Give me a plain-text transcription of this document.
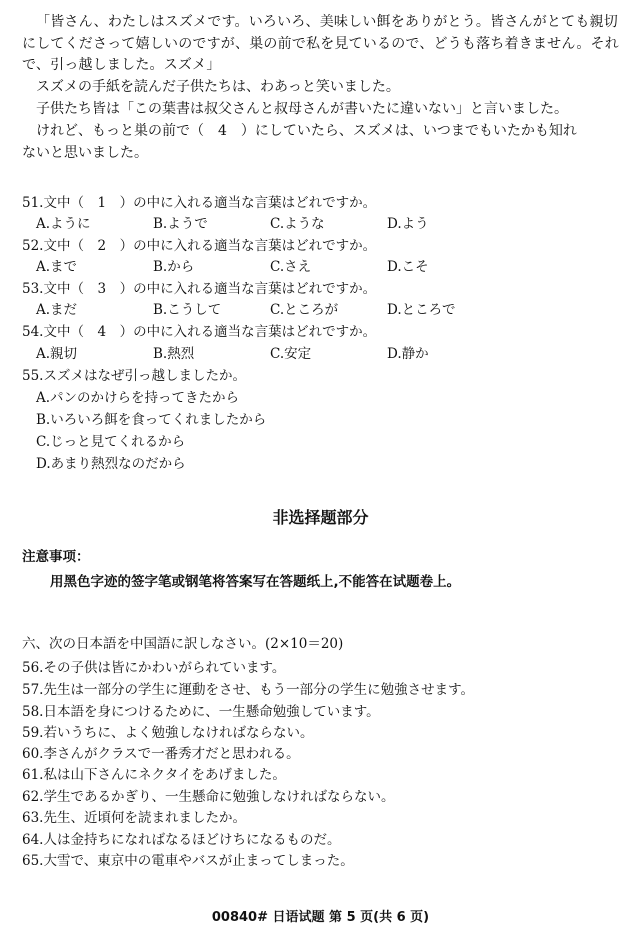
「皆さん、わたしはスズメです。いろいろ、美味しい餌をありがとう。皆さんがとても親切にしてくださって嬉しいのですが、巣の前で私を見ているので、どうも落ち着きません。それで、引っ越しました。スズメ」
スズメの手紙を読んだ子供たちは、わあっと笑いました。
子供たち皆は「この葉書は叔父さんと叔母さんが書いたに違いない」と言いました。
けれど、もっと巣の前で（　4　）にしていたら、スズメは、いつまでもいたかも知れ
ないと思いました。
51.文中（　1　）の中に入れる適当な言葉はどれですか。
A.ように	B.ようで	C.ような	D.よう
52.文中（　2　）の中に入れる適当な言葉はどれですか。
A.まで	B.から	C.さえ	D.こそ
53.文中（　3　）の中に入れる適当な言葉はどれですか。
A.まだ	B.こうして	C.ところが	D.ところで
54.文中（　4　）の中に入れる適当な言葉はどれですか。
A.親切	B.熱烈	C.安定	D.静か
55.スズメはなぜ引っ越しましたか。
A.パンのかけらを持ってきたから
B.いろいろ餌を食ってくれましたから
C.じっと見てくれるから
D.あまり熱烈なのだから
非选择题部分
注意事项：
用黑色字迹的签字笔或钢笔将答案写在答题纸上,不能答在试题卷上。
六、次の日本語を中国語に訳しなさい。(2×10＝20)
56.その子供は皆にかわいがられています。
57.先生は一部分の学生に運動をさせ、もう一部分の学生に勉強させます。
58.日本語を身につけるために、一生懸命勉強しています。
59.若いうちに、よく勉強しなければならない。
60.李さんがクラスで一番秀才だと思われる。
61.私は山下さんにネクタイをあげました。
62.学生であるかぎり、一生懸命に勉強しなければならない。
63.先生、近頃何を読まれましたか。
64.人は金持ちになればなるほどけちになるものだ。
65.大雪で、東京中の電車やバスが止まってしまった。
00840# 日语试题 第 5 页(共 6 页)
